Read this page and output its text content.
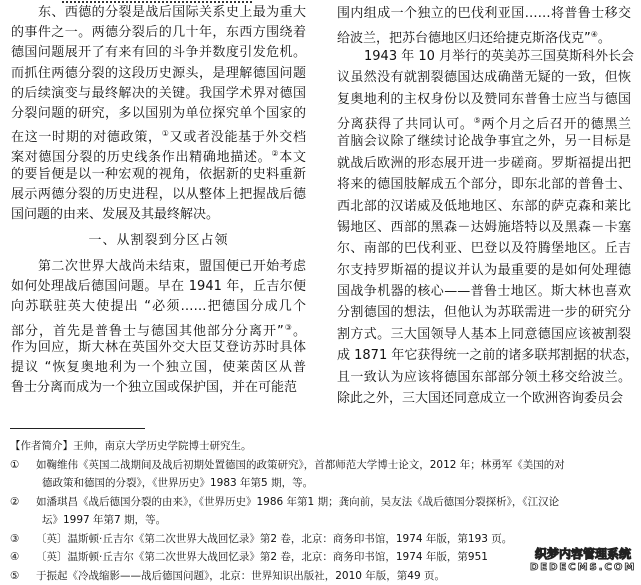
东、西德的分裂是战后国际关系史上最为重大
的事件之一。两德分裂后的几十年，东西方围绕着
德国问题展开了有来有回的斗争并数度引发危机。
而抓住两德分裂的这段历史源头，是理解德国问题
的后续演变与最终解决的关键。我国学术界对德国
分裂问题的研究，多以国别为单位探究单个国家的
在这一时期的对德政策，①又或者没能基于外交档
案对德国分裂的历史线条作出精确地描述。②本文
的要旨便是以一种宏观的视角，依据新的史料重新
展示两德分裂的历史进程，以从整体上把握战后德
国问题的由来、发展及其最终解决。
一、从割裂到分区占领
第二次世界大战尚未结束，盟国便已开始考虑
如何处理战后德国问题。早在 1941 年，丘吉尔便
向苏联驻英大使提出 “必须……把德国分成几个
部分，首先是普鲁士与德国其他部分分离开”③。
作为回应，斯大林在英国外交大臣艾登访苏时具体
提议 “恢复奥地利为一个独立国，使莱茵区从普
鲁士分离而成为一个独立国或保护国，并在可能范
围内组成一个独立的巴伐利亚国……将普鲁士移交
给波兰，把苏台德地区归还给捷克斯洛伐克”④。
1943 年 10 月举行的英美苏三国莫斯科外长会
议虽然没有就割裂德国达成确凿无疑的一致，但恢
复奥地利的主权身份以及赞同东普鲁士应当与德国
分离获得了共同认可。⑤两个月之后召开的德黑兰
首脑会议除了继续讨论战争事宜之外，另一目标是
就战后欧洲的形态展开进一步磋商。罗斯福提出把
将来的德国肢解成五个部分，即东北部的普鲁士、
西北部的汉诺威及低地地区、东部的萨克森和莱比
锡地区、西部的黑森－达姆施塔特以及黑森－卡塞
尔、南部的巴伐利亚、巴登以及符腾堡地区。丘吉
尔支持罗斯福的提议并认为最重要的是如何处理德
国战争机器的核心——普鲁士地区。斯大林也喜欢
分割德国的想法，但他认为苏联需进一步的研究分
割方式。三大国领导人基本上同意德国应该被割裂
成 1871 年它获得统一之前的诸多联邦割据的状态，
且一致认为应该将德国东部部分领土移交给波兰。
除此之外，三大国还同意成立一个欧洲咨询委员会
【作者简介】王帅，南京大学历史学院博士研究生。
① 如鞠维伟《英国二战期间及战后初期处置德国的政策研究》，首都师范大学博士论文，2012 年；林勇军《美国的对
德政策和德国的分裂》，《世界历史》1983 年第5 期，等。
② 如潘琪昌《战后德国分裂的由来》，《世界历史》1986 年第1 期；龚向前，吴友法《战后德国分裂探析》，《江汉论
坛》1997 年第7 期，等。
③ 〔英〕温斯顿·丘吉尔《第二次世界大战回忆录》第2 卷，北京：商务印书馆，1974 年版，第193 页。
④ 〔英〕温斯顿·丘吉尔《第二次世界大战回忆录》第2 卷，北京：商务印书馆，1974 年版，第951
⑤ 于振起《冷战缩影——战后德国问题》，北京：世界知识出版社，2010 年版，第49 页。
织梦内容管理系统
DEDECMS.COM
